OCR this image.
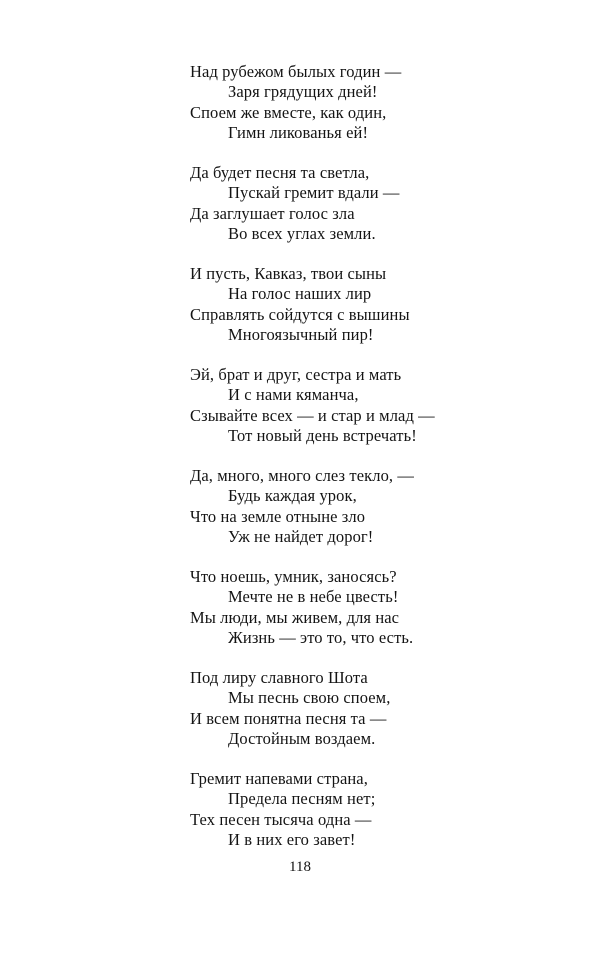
Над рубежом былых годин —
Заря грядущих дней!
Споем же вместе, как один,
Гимн ликованья ей!
Да будет песня та светла,
Пускай гремит вдали —
Да заглушает голос зла
Во всех углах земли.
И пусть, Кавказ, твои сыны
На голос наших лир
Справлять сойдутся с вышины
Многоязычный пир!
Эй, брат и друг, сестра и мать
И с нами кяманча,
Сзывайте всех — и стар и млад —
Тот новый день встречать!
Да, много, много слез текло, —
Будь каждая урок,
Что на земле отныне зло
Уж не найдет дорог!
Что ноешь, умник, заносясь?
Мечте не в небе цвесть!
Мы люди, мы живем, для нас
Жизнь — это то, что есть.
Под лиру славного Шота
Мы песнь свою споем,
И всем понятна песня та —
Достойным воздаем.
Гремит напевами страна,
Предела песням нет;
Тех песен тысяча одна —
И в них его завет!
118
